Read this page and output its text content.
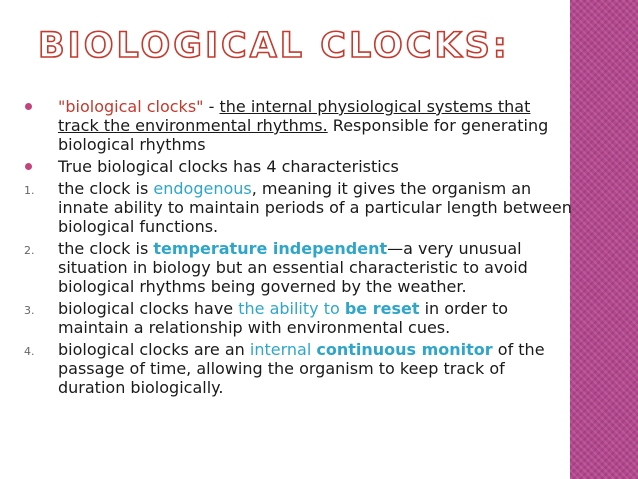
BIOLOGICAL CLOCKS:
"biological clocks" - the internal physiological systems that track the environmental rhythms. Responsible for generating biological rhythms
True biological clocks has 4 characteristics
1. the clock is endogenous, meaning it gives the organism an innate ability to maintain periods of a particular length between biological functions.
2. the clock is temperature independent—a very unusual situation in biology but an essential characteristic to avoid biological rhythms being governed by the weather.
3. biological clocks have the ability to be reset in order to maintain a relationship with environmental cues.
4. biological clocks are an internal continuous monitor of the passage of time, allowing the organism to keep track of duration biologically.
